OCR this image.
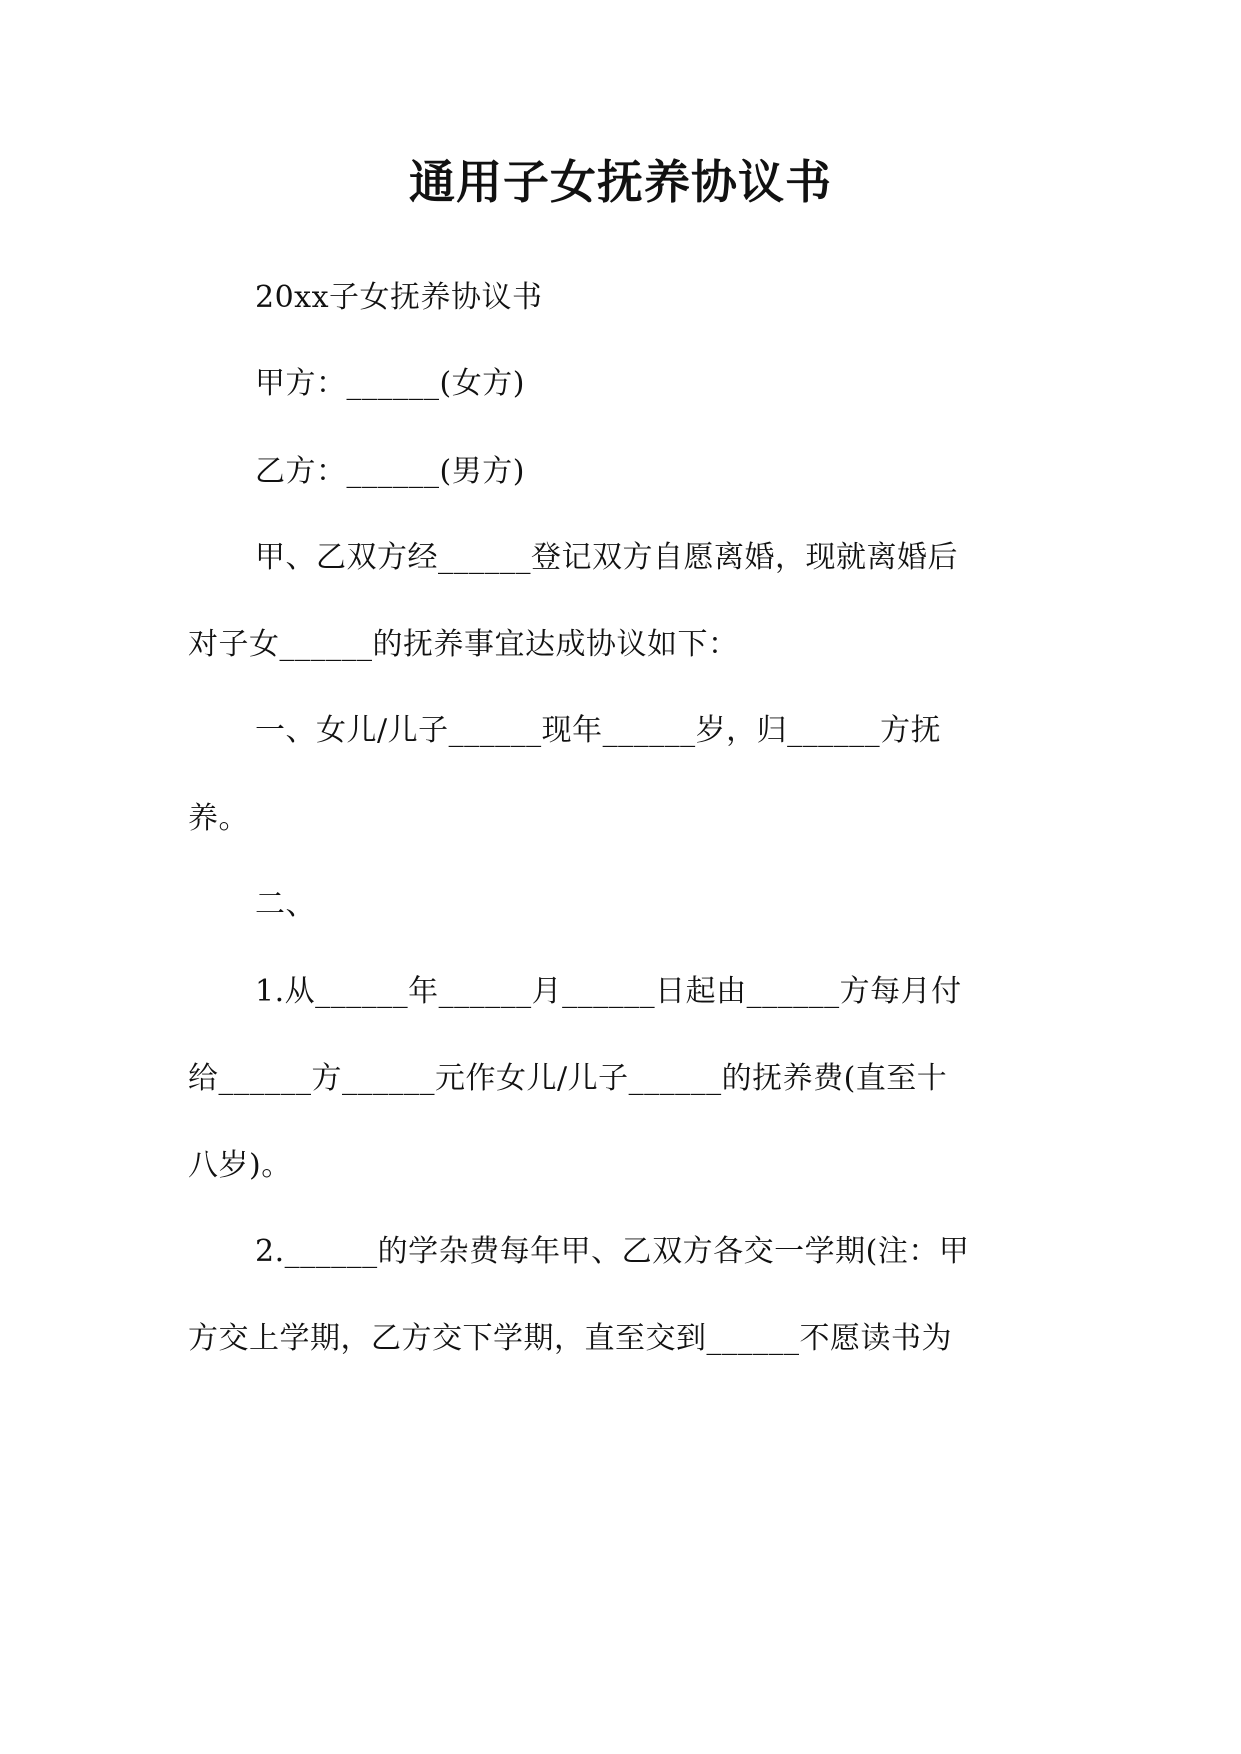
通用子女抚养协议书

20xx子女抚养协议书

甲方：______(女方)

乙方：______(男方)

甲、乙双方经______登记双方自愿离婚，现就离婚后

对子女______的抚养事宜达成协议如下：

一、女儿/儿子______现年______岁，归______方抚

养。

二、

1.从______年______月______日起由______方每月付

给______方______元作女儿/儿子______的抚养费(直至十

八岁)。

2.______的学杂费每年甲、乙双方各交一学期(注：甲

方交上学期，乙方交下学期，直至交到______不愿读书为
